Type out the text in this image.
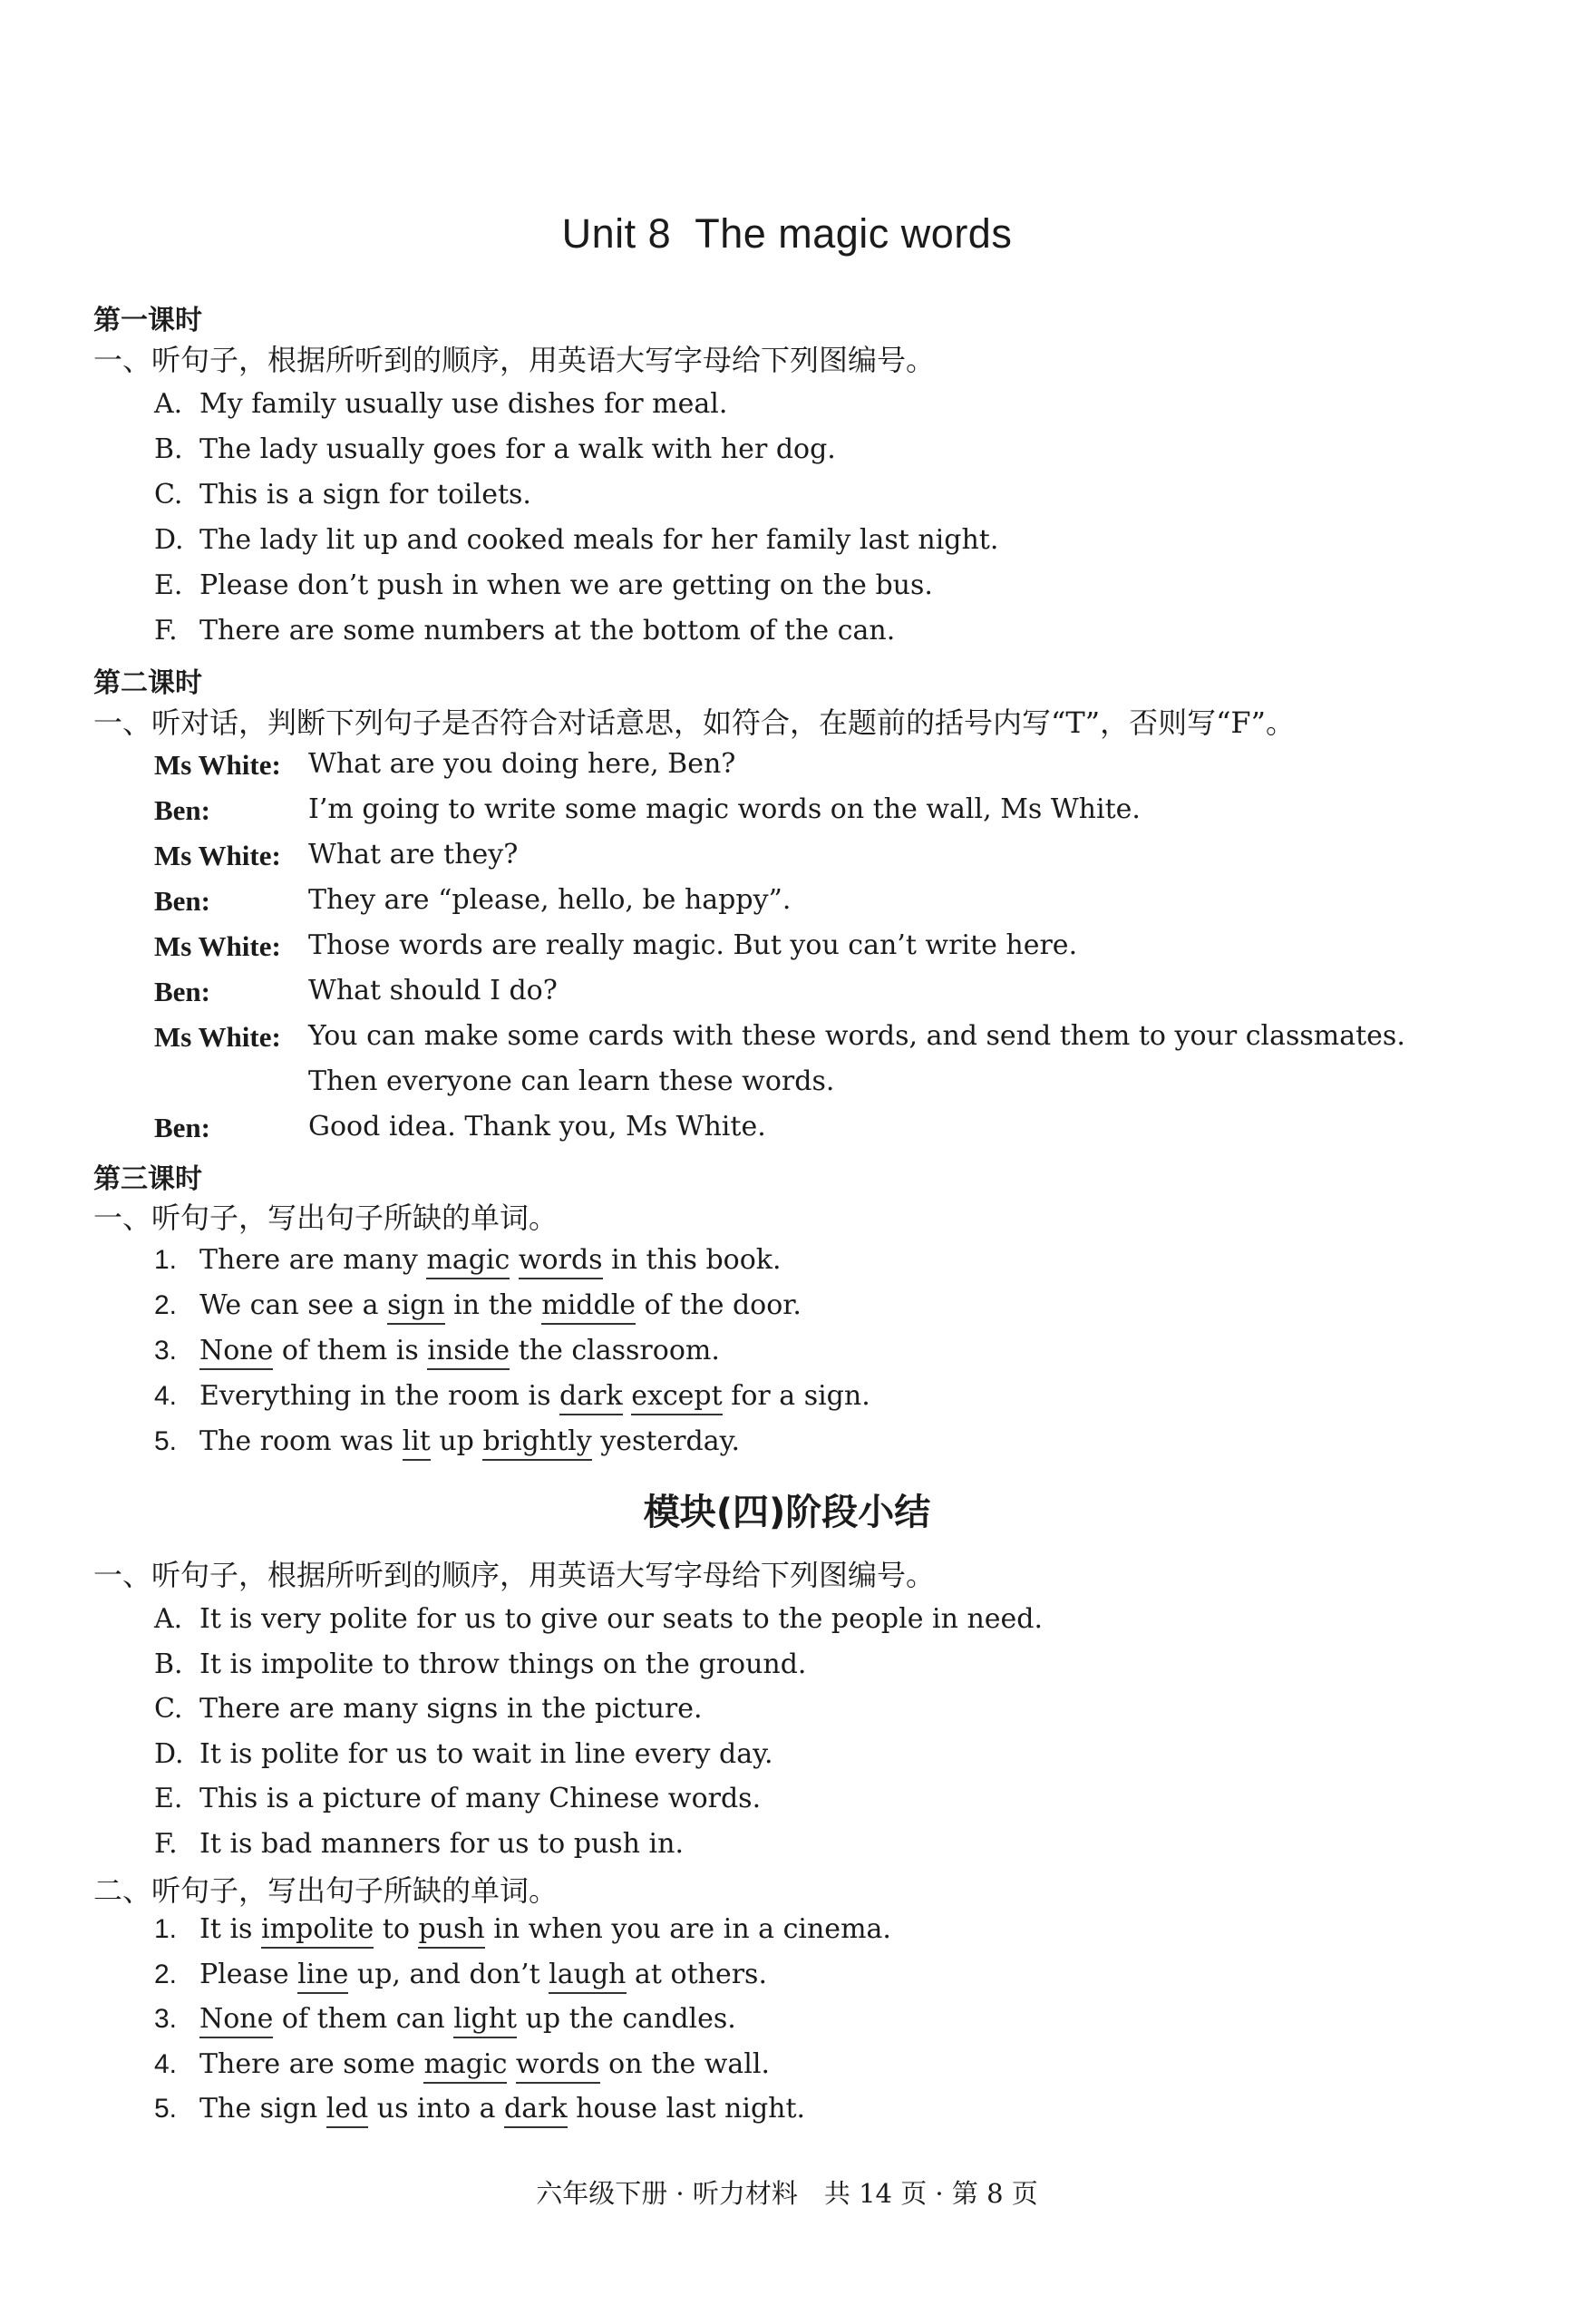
Unit 8 The magic words
第一课时
一、听句子，根据所听到的顺序，用英语大写字母给下列图编号。
A. My family usually use dishes for meal.
B. The lady usually goes for a walk with her dog.
C. This is a sign for toilets.
D. The lady lit up and cooked meals for her family last night.
E. Please don’t push in when we are getting on the bus.
F. There are some numbers at the bottom of the can.
第二课时
一、听对话，判断下列句子是否符合对话意思，如符合，在题前的括号内写“T”，否则写“F”。
Ms White: What are you doing here, Ben?
Ben:	I’m going to write some magic words on the wall, Ms White.
Ms White: What are they?
Ben:	They are “please, hello, be happy”.
Ms White: Those words are really magic. But you can’t write here.
Ben:	What should I do?
Ms White: You can make some cards with these words, and send them to your classmates. Then everyone can learn these words.
Ben:	Good idea. Thank you, Ms White.
第三课时
一、听句子，写出句子所缺的单词。
1. There are many magic words in this book.
2. We can see a sign in the middle of the door.
3. None of them is inside the classroom.
4. Everything in the room is dark except for a sign.
5. The room was lit up brightly yesterday.
模块(四)阶段小结
一、听句子，根据所听到的顺序，用英语大写字母给下列图编号。
A. It is very polite for us to give our seats to the people in need.
B. It is impolite to throw things on the ground.
C. There are many signs in the picture.
D. It is polite for us to wait in line every day.
E. This is a picture of many Chinese words.
F. It is bad manners for us to push in.
二、听句子，写出句子所缺的单词。
1. It is impolite to push in when you are in a cinema.
2. Please line up, and don’t laugh at others.
3. None of them can light up the candles.
4. There are some magic words on the wall.
5. The sign led us into a dark house last night.
六年级下册 · 听力材料　共 14 页 · 第 8 页
